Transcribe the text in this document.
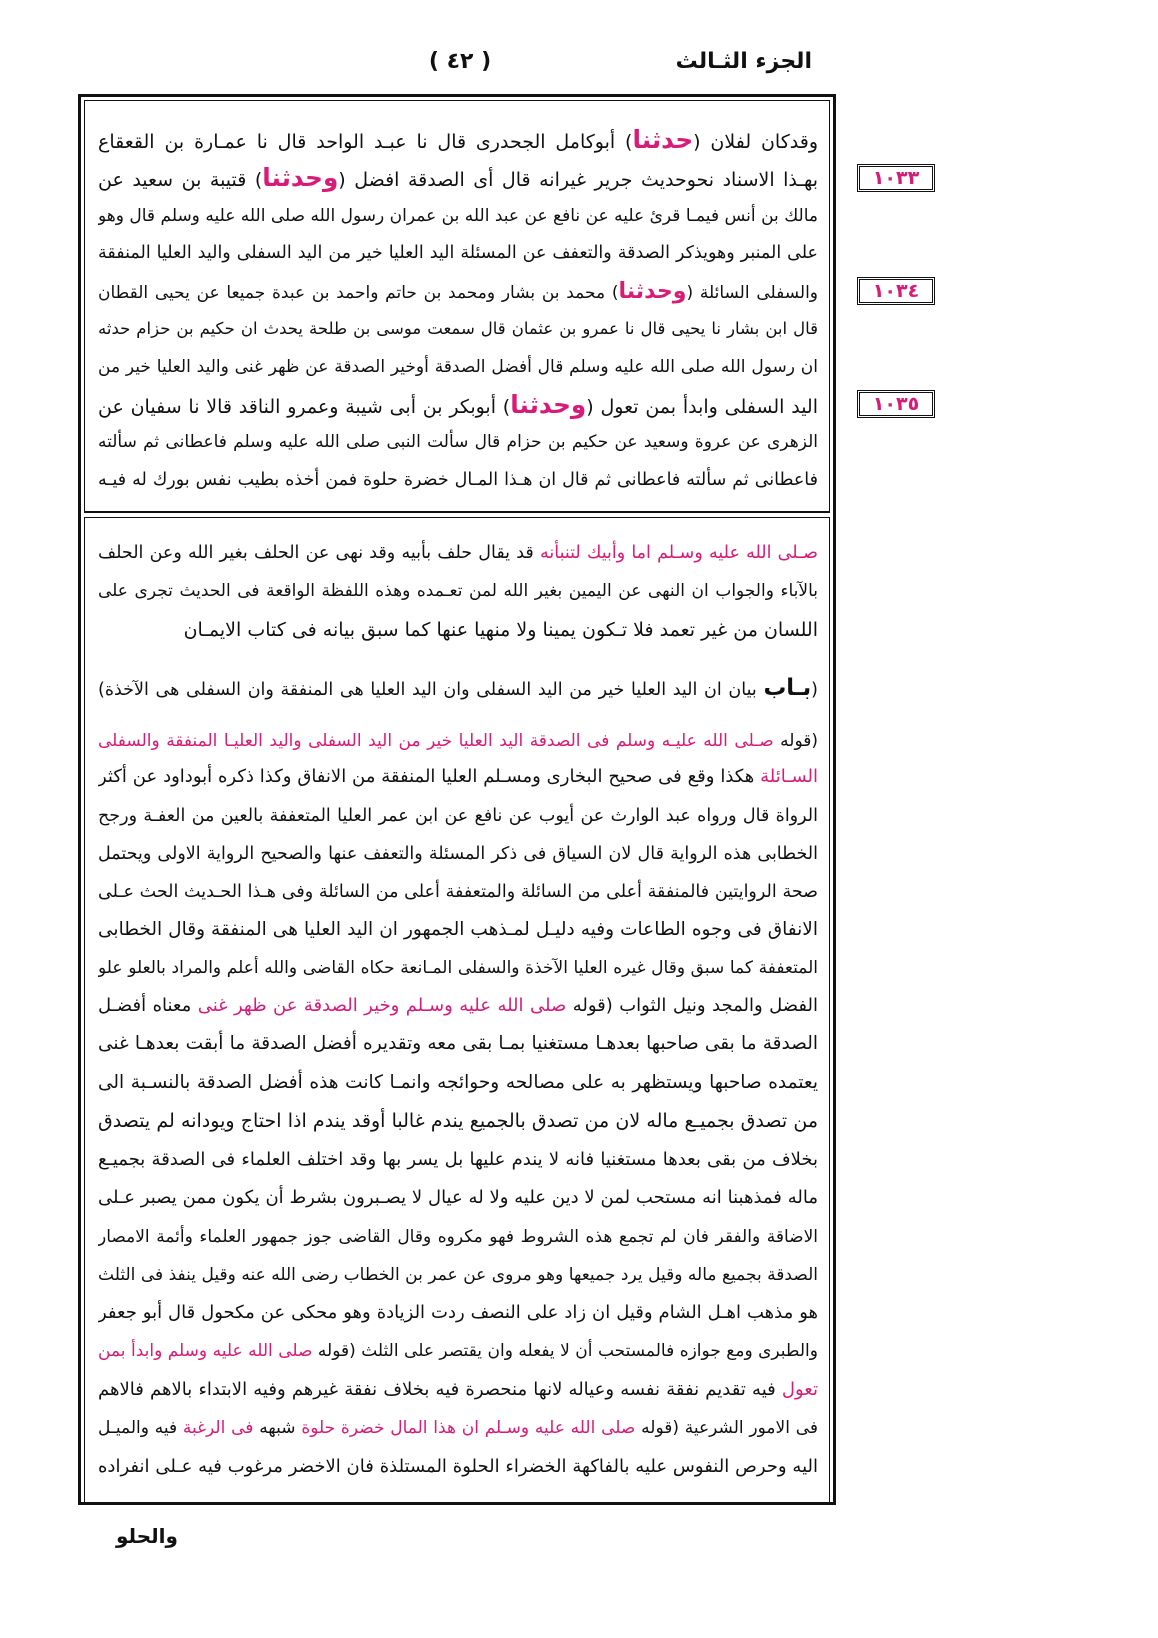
الجزء الثـالث
( ٤٢ )
١٠٣٣
١٠٣٤
١٠٣٥
وقدكان لفلان (حدثنا) أبوكامل الجحدرى قال نا عبـد الواحد قال نا عمـارة بن القعقاع
بهـذا الاسناد نحوحديث جرير غيرانه قال أى الصدقة افضل (وحدثنا) قتيبة بن سعيد عن
مالك بن أنس فيمـا قرئ عليه عن نافع عن عبد الله بن عمران رسول الله صلى الله عليه وسلم قال وهو
على المنبر وهويذكر الصدقة والتعفف عن المسئلة اليد العليا خير من اليد السفلى واليد العليا المنفقة
والسفلى السائلة (وحدثنا) محمد بن بشار ومحمد بن حاتم واحمد بن عبدة جميعا عن يحيى القطان
قال ابن بشار نا يحيى قال نا عمرو بن عثمان قال سمعت موسى بن طلحة يحدث ان حكيم بن حزام حدثه
ان رسول الله صلى الله عليه وسلم قال أفضل الصدقة أوخير الصدقة عن ظهر غنى واليد العليا خير من
اليد السفلى وابدأ بمن تعول (وحدثنا) أبوبكر بن أبى شيبة وعمرو الناقد قالا نا سفيان عن
الزهرى عن عروة وسعيد عن حكيم بن حزام قال سألت النبى صلى الله عليه وسلم فاعطانى ثم سألته
فاعطانى ثم سألته فاعطانى ثم قال ان هـذا المـال خضرة حلوة فمن أخذه بطيب نفس بورك له فيـه
صـلى الله عليه وسـلم اما وأبيك لتنبأنه قد يقال حلف بأبيه وقد نهى عن الحلف بغير الله وعن الحلف
بالآباء والجواب ان النهى عن اليمين بغير الله لمن تعـمده وهذه اللفظة الواقعة فى الحديث تجرى على
اللسان من غير تعمد فلا تـكون يمينا ولا منهيا عنها كما سبق بيانه فى كتاب الايمـان
(بـاب بيان ان اليد العليا خير من اليد السفلى وان اليد العليا هى المنفقة وان السفلى هى الآخذة)
(قوله صـلى الله عليـه وسلم فى الصدقة اليد العليا خير من اليد السفلى واليد العليـا المنفقة والسفلى
السـائلة هكذا وقع فى صحيح البخارى ومسـلم العليا المنفقة من الانفاق وكذا ذكره أبوداود عن أكثر
الرواة قال ورواه عبد الوارث عن أيوب عن نافع عن ابن عمر العليا المتعففة بالعين من العفـة ورجح
الخطابى هذه الرواية قال لان السياق فى ذكر المسئلة والتعفف عنها والصحيح الرواية الاولى ويحتمل
صحة الروايتين فالمنفقة أعلى من السائلة والمتعففة أعلى من السائلة وفى هـذا الحـديث الحث عـلى
الانفاق فى وجوه الطاعات وفيه دليـل لمـذهب الجمهور ان اليد العليا هى المنفقة وقال الخطابى
المتعففة كما سبق وقال غيره العليا الآخذة والسفلى المـانعة حكاه القاضى والله أعلم والمراد بالعلو علو
الفضل والمجد ونيل الثواب (قوله صلى الله عليه وسـلم وخير الصدقة عن ظهر غنى معناه أفضـل
الصدقة ما بقى صاحبها بعدهـا مستغنيا بمـا بقى معه وتقديره أفضل الصدقة ما أبقت بعدهـا غنى
يعتمده صاحبها ويستظهر به على مصالحه وحوائجه وانمـا كانت هذه أفضل الصدقة بالنسـبة الى
من تصدق بجميـع ماله لان من تصدق بالجميع يندم غالبا أوقد يندم اذا احتاج ويودانه لم يتصدق
بخلاف من بقى بعدها مستغنيا فانه لا يندم عليها بل يسر بها وقد اختلف العلماء فى الصدقة بجميـع
ماله فمذهبنا انه مستحب لمن لا دين عليه ولا له عيال لا يصـبرون بشرط أن يكون ممن يصبر عـلى
الاضاقة والفقر فان لم تجمع هذه الشروط فهو مكروه وقال القاضى جوز جمهور العلماء وأئمة الامصار
الصدقة بجميع ماله وقيل يرد جميعها وهو مروى عن عمر بن الخطاب رضى الله عنه وقيل ينفذ فى الثلث
هو مذهب اهـل الشام وقيل ان زاد على النصف ردت الزيادة وهو محكى عن مكحول قال أبو جعفر
والطبرى ومع جوازه فالمستحب أن لا يفعله وان يقتصر على الثلث (قوله صلى الله عليه وسلم وابدأ بمن
تعول فيه تقديم نفقة نفسه وعياله لانها منحصرة فيه بخلاف نفقة غيرهم وفيه الابتداء بالاهم فالاهم
فى الامور الشرعية (قوله صلى الله عليه وسـلم ان هذا المال خضرة حلوة شبهه فى الرغبة فيه والميـل
اليه وحرص النفوس عليه بالفاكهة الخضراء الحلوة المستلذة فان الاخضر مرغوب فيه عـلى انفراده
والحلو
